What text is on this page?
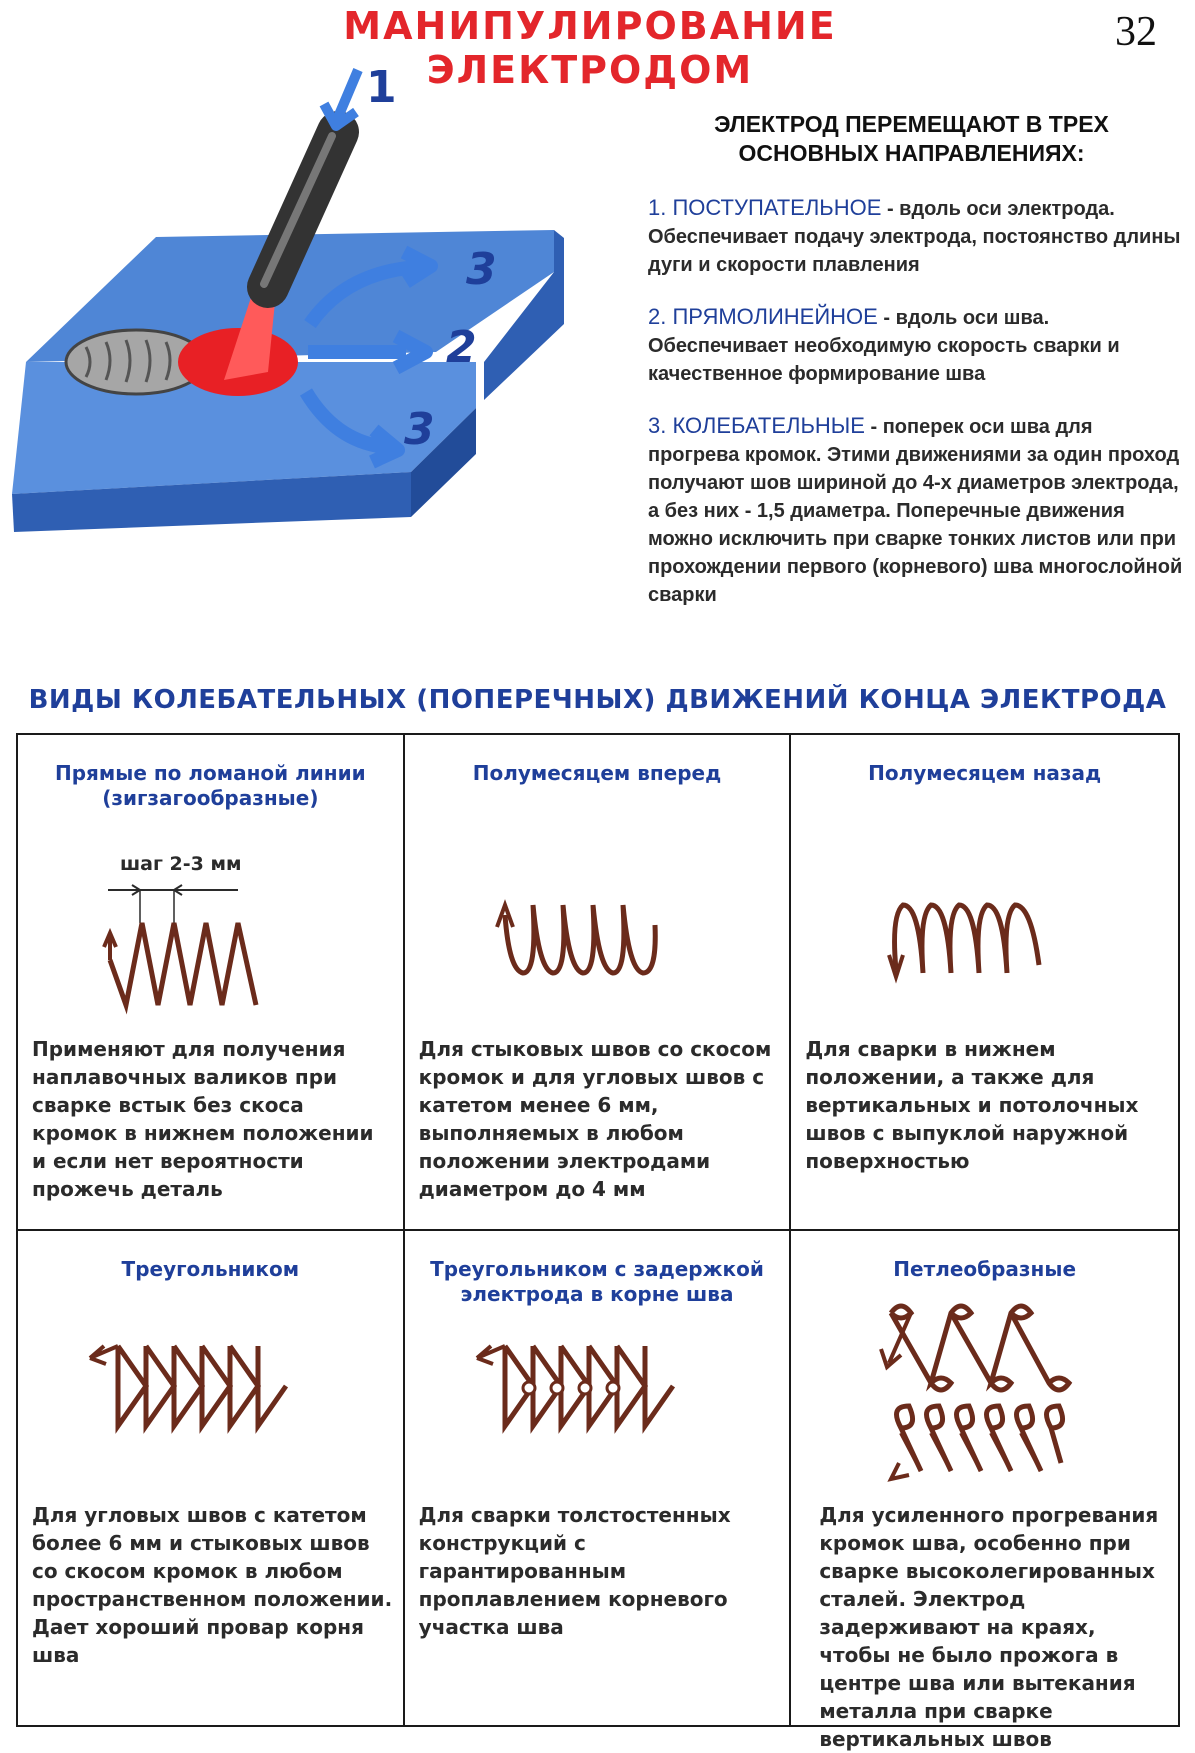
МАНИПУЛИРОВАНИЕ ЭЛЕКТРОДОМ
32
1
2
3
3
ЭЛЕКТРОД ПЕРЕМЕЩАЮТ В ТРЕХ ОСНОВНЫХ НАПРАВЛЕНИЯХ:
1. ПОСТУПАТЕЛЬНОЕ - вдоль оси электрода. Обеспечивает подачу электрода, постоянство длины дуги и скорости плавления
2. ПРЯМОЛИНЕЙНОЕ - вдоль оси шва. Обеспечивает необходимую скорость сварки и качественное формирование шва
3. КОЛЕБАТЕЛЬНЫЕ - поперек оси шва для прогрева кромок. Этими движениями за один проход получают шов шириной до 4-х диаметров электрода, а без них - 1,5 диаметра. Поперечные движения можно исключить при сварке тонких листов или при прохождении первого (корневого) шва многослойной сварки
ВИДЫ КОЛЕБАТЕЛЬНЫХ (ПОПЕРЕЧНЫХ) ДВИЖЕНИЙ КОНЦА ЭЛЕКТРОДА
Прямые по ломаной линии (зигзагообразные)
шаг 2-3 мм
Применяют для получения наплавочных валиков при сварке встык без скоса кромок в нижнем положении и если нет вероятности прожечь деталь
Полумесяцем вперед
Для стыковых швов со скосом кромок и для угловых швов с катетом менее 6 мм, выполняемых в любом положении электродами диаметром до 4 мм
Полумесяцем назад
Для сварки в нижнем положении, а также для вертикальных и потолочных швов с выпуклой наружной поверхностью
Треугольником
Для угловых швов с катетом более 6 мм и стыковых швов со скосом кромок в любом пространственном положении. Дает хороший провар корня шва
Треугольником с задержкой электрода в корне шва
Для сварки толстостенных конструкций с гарантированным проплавлением корневого участка шва
Петлеобразные
Для усиленного прогревания кромок шва, особенно при сварке высоколегированных сталей. Электрод задерживают на краях, чтобы не было прожога в центре шва или вытекания металла при сварке вертикальных швов
